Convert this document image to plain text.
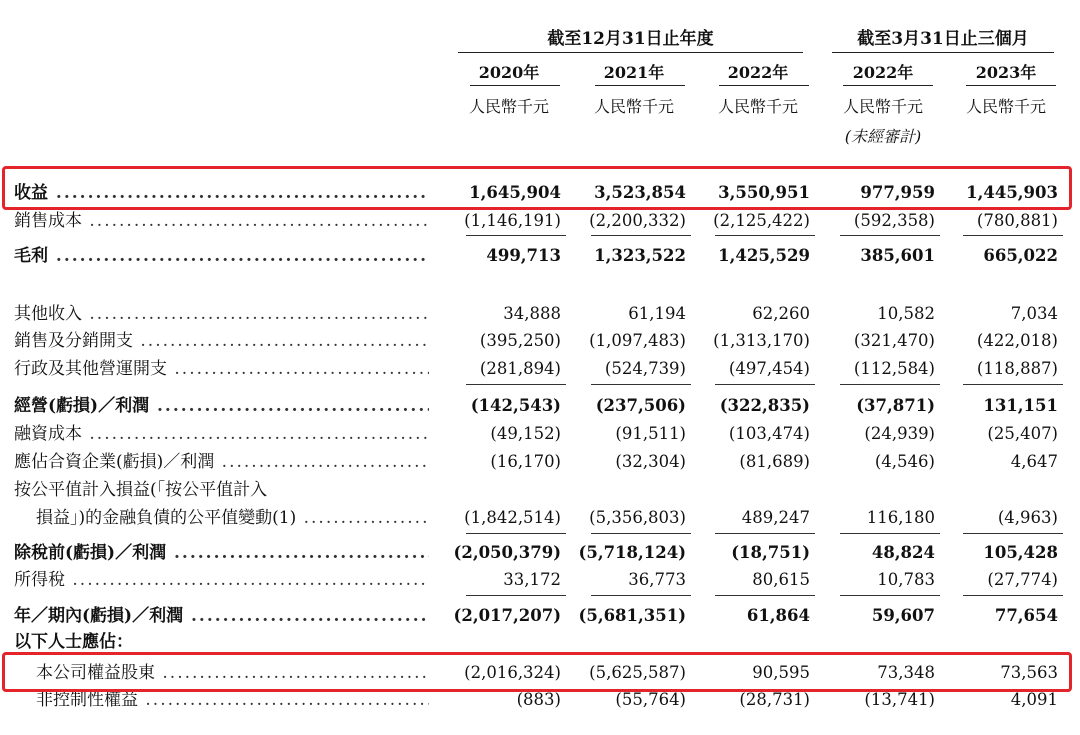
截至12月31日止年度	截至3月31日止三個月
2020年	2021年	2022年	2022年	2023年
人民幣千元	人民幣千元	人民幣千元	人民幣千元	人民幣千元
(未經審計)
收益 .....	1,645,904	3,523,854	3,550,951	977,959	1,445,903
銷售成本 .....	(1,146,191)	(2,200,332)	(2,125,422)	(592,358)	(780,881)
毛利 .....	499,713	1,323,522	1,425,529	385,601	665,022
其他收入 .....	34,888	61,194	62,260	10,582	7,034
銷售及分銷開支 .....	(395,250)	(1,097,483)	(1,313,170)	(321,470)	(422,018)
行政及其他營運開支 .....	(281,894)	(524,739)	(497,454)	(112,584)	(118,887)
經營(虧損)／利潤 .....	(142,543)	(237,506)	(322,835)	(37,871)	131,151
融資成本 .....	(49,152)	(91,511)	(103,474)	(24,939)	(25,407)
應佔合資企業(虧損)／利潤 .....	(16,170)	(32,304)	(81,689)	(4,546)	4,647
按公平值計入損益(「按公平值計入
損益」)的金融負債的公平值變動(1) .....	(1,842,514)	(5,356,803)	489,247	116,180	(4,963)
除稅前(虧損)／利潤 .....	(2,050,379) (5,718,124)	(18,751)	48,824	105,428
所得稅 .....	33,172	36,773	80,615	10,783	(27,774)
年／期內(虧損)／利潤 .....	(2,017,207) (5,681,351)	61,864	59,607	77,654
以下人士應佔：
本公司權益股東 .....	(2,016,324)	(5,625,587)	90,595	73,348	73,563
非控制性權益 .....	(883)	(55,764)	(28,731)	(13,741)	4,091
